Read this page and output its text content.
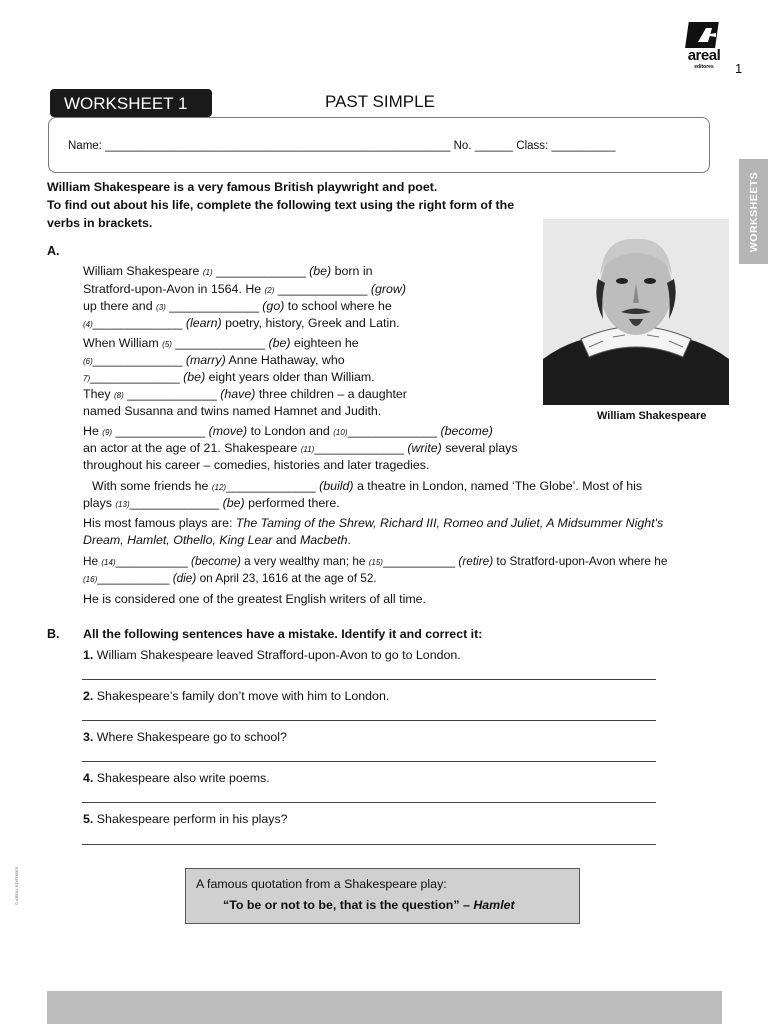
areal
editores	1
WORKSHEET 1	PAST SIMPLE
Name: ______________________________________________________ No. ______ Class: __________
WORKSHEETS
William Shakespeare is a very famous British playwright and poet.
To find out about his life, complete the following text using the right form of the
verbs in brackets.
A.
William Shakespeare
William Shakespeare (1) _____________ (be) born in
Stratford-upon-Avon in 1564. He (2) _____________ (grow)
up there and (3) _____________ (go) to school where he
(4)_____________ (learn) poetry, history, Greek and Latin.
When William (5) _____________ (be) eighteen he
(6)_____________ (marry) Anne Hathaway, who
7)_____________ (be) eight years older than William.
They (8) _____________ (have) three children – a daughter
named Susanna and twins named Hamnet and Judith.
He (9) _____________ (move) to London and (10)_____________ (become)
an actor at the age of 21. Shakespeare (11)_____________ (write) several plays
throughout his career – comedies, histories and later tragedies.
With some friends he (12)_____________ (build) a theatre in London, named ‘The Globe’. Most of his
plays (13)_____________ (be) performed there.
His most famous plays are: The Taming of the Shrew, Richard III, Romeo and Juliet, A Midsummer Night's
Dream, Hamlet, Othello, King Lear and Macbeth.
He (14)___________ (become) a very wealthy man; he (15)___________ (retire) to Stratford-upon-Avon where he
(16)___________ (die) on April 23, 1616 at the age of 52.
He is considered one of the greatest English writers of all time.
B. All the following sentences have a mistake. Identify it and correct it:
1. William Shakespeare leaved Strafford-upon-Avon to go to London.
2. Shakespeare’s family don’t move with him to London.
3. Where Shakespeare go to school?
4. Shakespeare also write poems.
5. Shakespeare perform in his plays?
A famous quotation from a Shakespeare play:
“To be or not to be, that is the question” – Hamlet
© AREAL EDITORES
